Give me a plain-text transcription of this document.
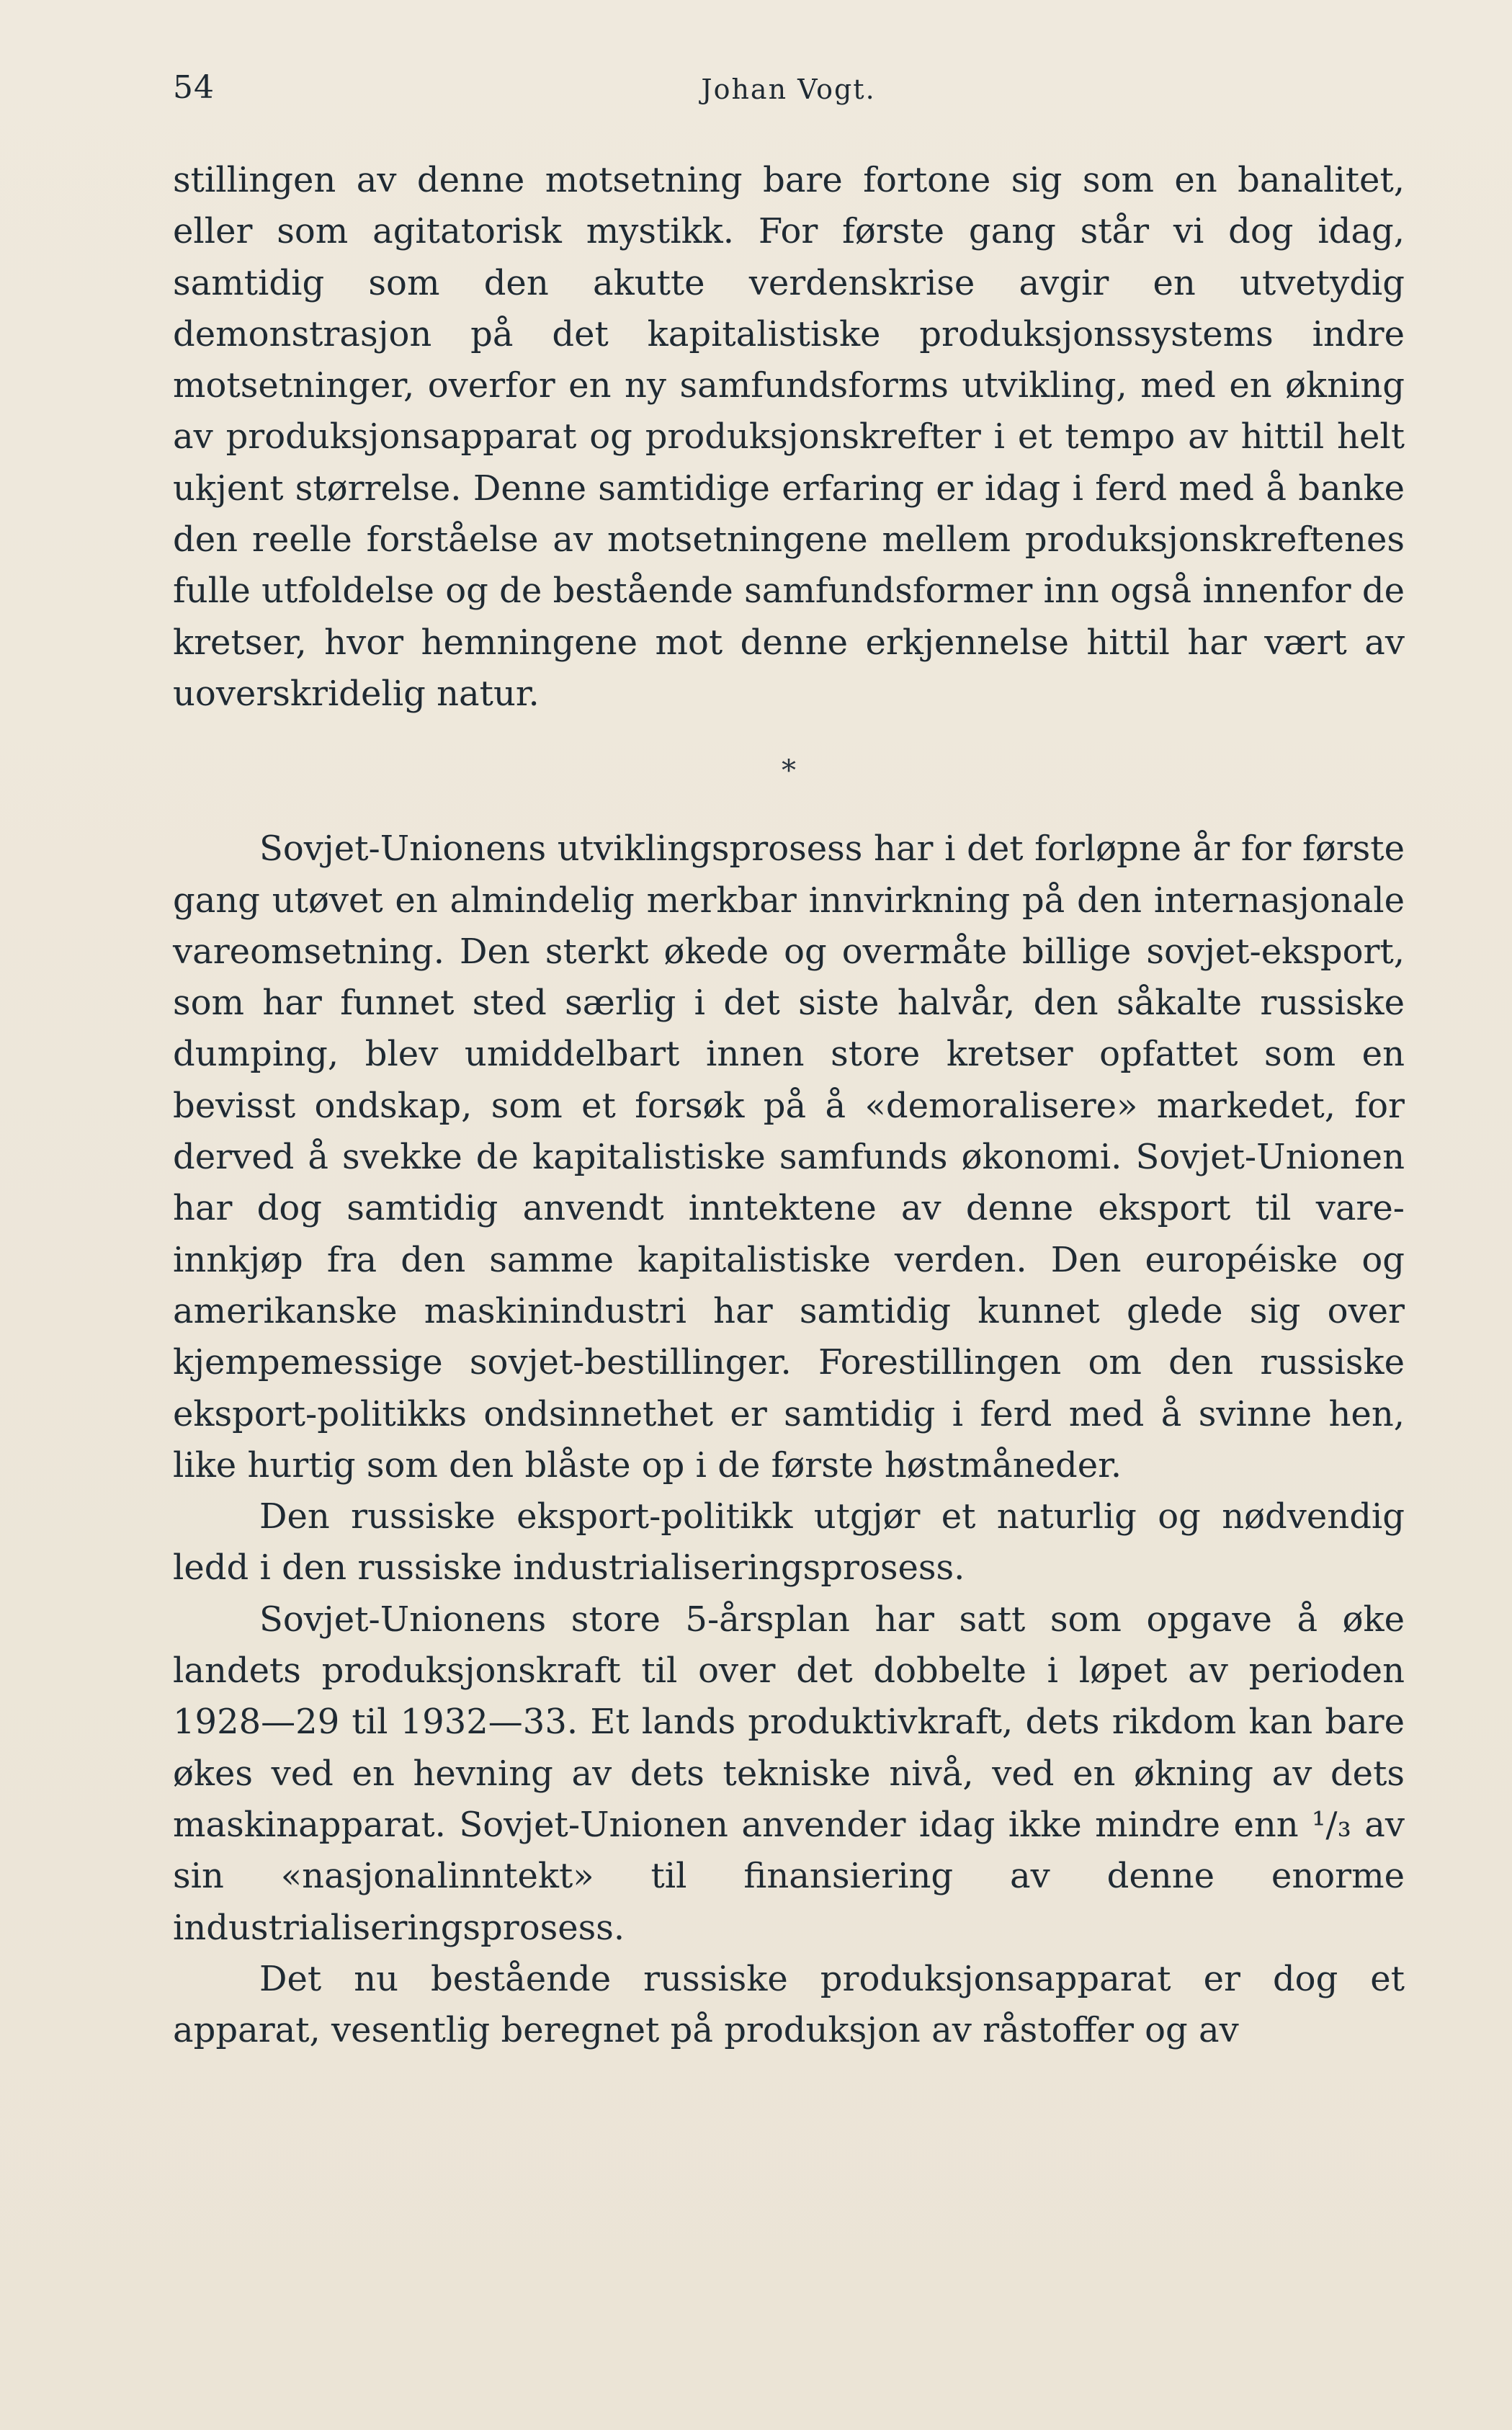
54	Johan Vogt.

stillingen av denne motsetning bare fortone sig som en banalitet, eller som agitatorisk mystikk. For første gang står vi dog idag, samtidig som den akutte verdenskrise avgir en utvetydig demonstrasjon på det kapitalistiske produksjonssystems indre motsetninger, overfor en ny samfundsforms utvikling, med en økning av produksjonsapparat og produksjonskrefter i et tempo av hittil helt ukjent størrelse. Denne samtidige erfaring er idag i ferd med å banke den reelle forståelse av motsetningene mellem produksjonskreftenes fulle utfoldelse og de bestående samfundsformer inn også innenfor de kretser, hvor hemningene mot denne erkjennelse hittil har vært av uoverskridelig natur.

*

Sovjet-Unionens utviklingsprosess har i det forløpne år for første gang utøvet en almindelig merkbar innvirkning på den internasjonale vareomsetning. Den sterkt økede og overmåte billige sovjet-eksport, som har funnet sted særlig i det siste halvår, den såkalte russiske dumping, blev umiddelbart innen store kretser opfattet som en bevisst ondskap, som et forsøk på å «demoralisere» markedet, for derved å svekke de kapitalistiske samfunds økonomi. Sovjet-Unionen har dog samtidig anvendt inntektene av denne eksport til vare-innkjøp fra den samme kapitalistiske verden. Den européiske og amerikanske maskinindustri har samtidig kunnet glede sig over kjempemessige sovjet-bestillinger. Forestillingen om den russiske eksport-politikks ondsinnethet er samtidig i ferd med å svinne hen, like hurtig som den blåste op i de første høstmåneder.

Den russiske eksport-politikk utgjør et naturlig og nødvendig ledd i den russiske industrialiseringsprosess.

Sovjet-Unionens store 5-årsplan har satt som opgave å øke landets produksjonskraft til over det dobbelte i løpet av perioden 1928—29 til 1932—33. Et lands produktivkraft, dets rikdom kan bare økes ved en hevning av dets tekniske nivå, ved en økning av dets maskinapparat. Sovjet-Unionen anvender idag ikke mindre enn ¹/₃ av sin «nasjonalinntekt» til finansiering av denne enorme industrialiseringsprosess.

Det nu bestående russiske produksjonsapparat er dog et apparat, vesentlig beregnet på produksjon av råstoffer og av
